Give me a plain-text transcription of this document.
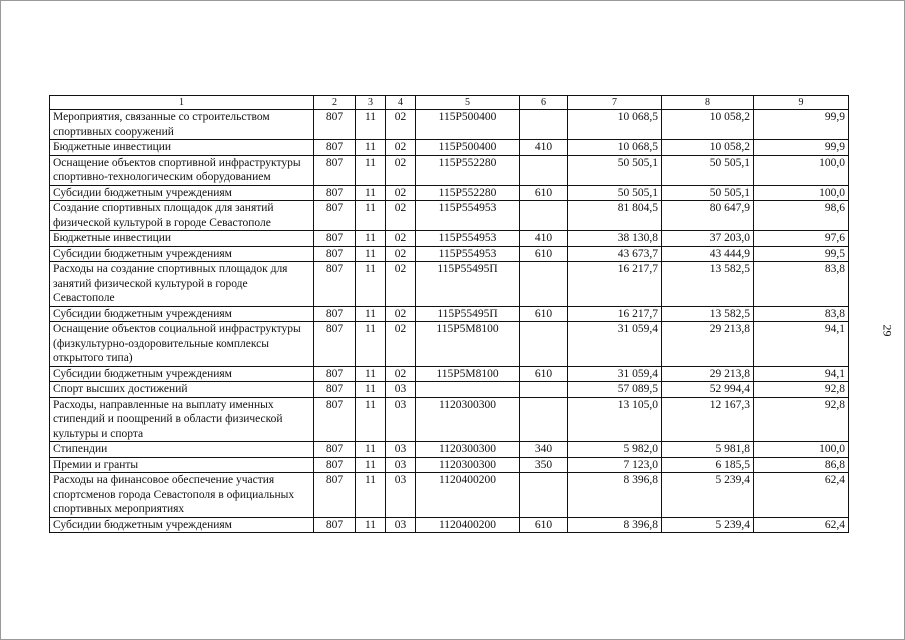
1	2	3	4	5	6	7	8	9
Мероприятия, связанные со строительством спортивных сооружений	807	11	02	115Р500400		10 068,5	10 058,2	99,9
Бюджетные инвестиции	807	11	02	115Р500400	410	10 068,5	10 058,2	99,9
Оснащение объектов спортивной инфраструктуры спортивно-технологическим оборудованием	807	11	02	115Р552280		50 505,1	50 505,1	100,0
Субсидии бюджетным учреждениям	807	11	02	115Р552280	610	50 505,1	50 505,1	100,0
Создание спортивных площадок для занятий физической культурой в городе Севастополе	807	11	02	115Р554953		81 804,5	80 647,9	98,6
Бюджетные инвестиции	807	11	02	115Р554953	410	38 130,8	37 203,0	97,6
Субсидии бюджетным учреждениям	807	11	02	115Р554953	610	43 673,7	43 444,9	99,5
Расходы на создание спортивных площадок для занятий физической культурой в городе Севастополе	807	11	02	115Р55495П		16 217,7	13 582,5	83,8
Субсидии бюджетным учреждениям	807	11	02	115Р55495П	610	16 217,7	13 582,5	83,8
Оснащение объектов социальной инфраструктуры (физкультурно-оздоровительные комплексы открытого типа)	807	11	02	115Р5М8100		31 059,4	29 213,8	94,1
Субсидии бюджетным учреждениям	807	11	02	115Р5М8100	610	31 059,4	29 213,8	94,1
Спорт высших достижений	807	11	03			57 089,5	52 994,4	92,8
Расходы, направленные на выплату именных стипендий и поощрений в области физической культуры и спорта	807	11	03	1120300300		13 105,0	12 167,3	92,8
Стипендии	807	11	03	1120300300	340	5 982,0	5 981,8	100,0
Премии и гранты	807	11	03	1120300300	350	7 123,0	6 185,5	86,8
Расходы на финансовое обеспечение участия спортсменов города Севастополя в официальных спортивных мероприятиях	807	11	03	1120400200		8 396,8	5 239,4	62,4
Субсидии бюджетным учреждениям	807	11	03	1120400200	610	8 396,8	5 239,4	62,4
29
